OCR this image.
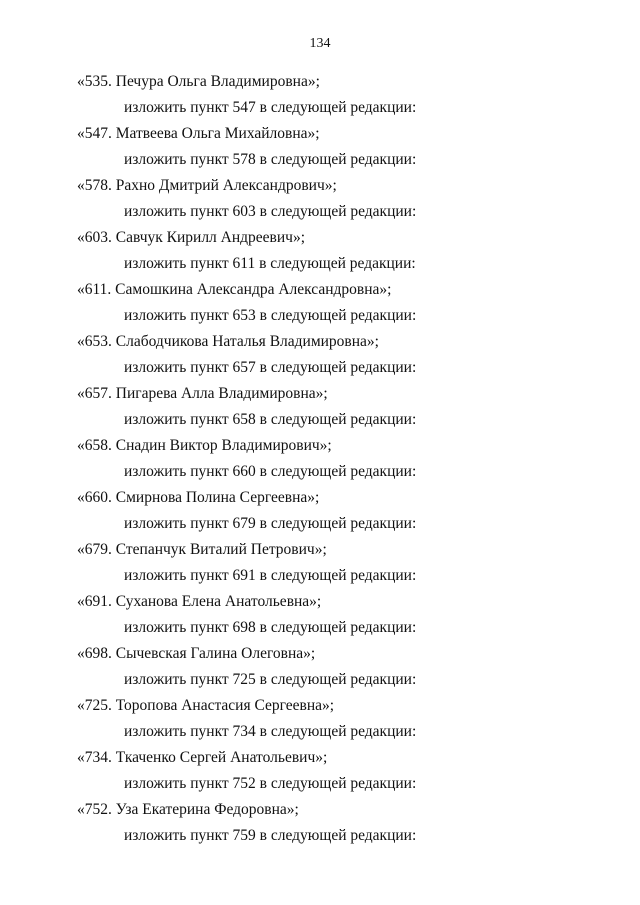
134
«535. Печура Ольга Владимировна»;
изложить пункт 547 в следующей редакции:
«547. Матвеева Ольга Михайловна»;
изложить пункт 578 в следующей редакции:
«578. Рахно Дмитрий Александрович»;
изложить пункт 603 в следующей редакции:
«603. Савчук Кирилл Андреевич»;
изложить пункт 611 в следующей редакции:
«611. Самошкина Александра Александровна»;
изложить пункт 653 в следующей редакции:
«653. Слабодчикова Наталья Владимировна»;
изложить пункт 657 в следующей редакции:
«657. Пигарева Алла Владимировна»;
изложить пункт 658 в следующей редакции:
«658. Снадин Виктор Владимирович»;
изложить пункт 660 в следующей редакции:
«660. Смирнова Полина Сергеевна»;
изложить пункт 679 в следующей редакции:
«679. Степанчук Виталий Петрович»;
изложить пункт 691 в следующей редакции:
«691. Суханова Елена Анатольевна»;
изложить пункт 698 в следующей редакции:
«698. Сычевская Галина Олеговна»;
изложить пункт 725 в следующей редакции:
«725. Торопова Анастасия Сергеевна»;
изложить пункт 734 в следующей редакции:
«734. Ткаченко Сергей Анатольевич»;
изложить пункт 752 в следующей редакции:
«752. Уза Екатерина Федоровна»;
изложить пункт 759 в следующей редакции:
